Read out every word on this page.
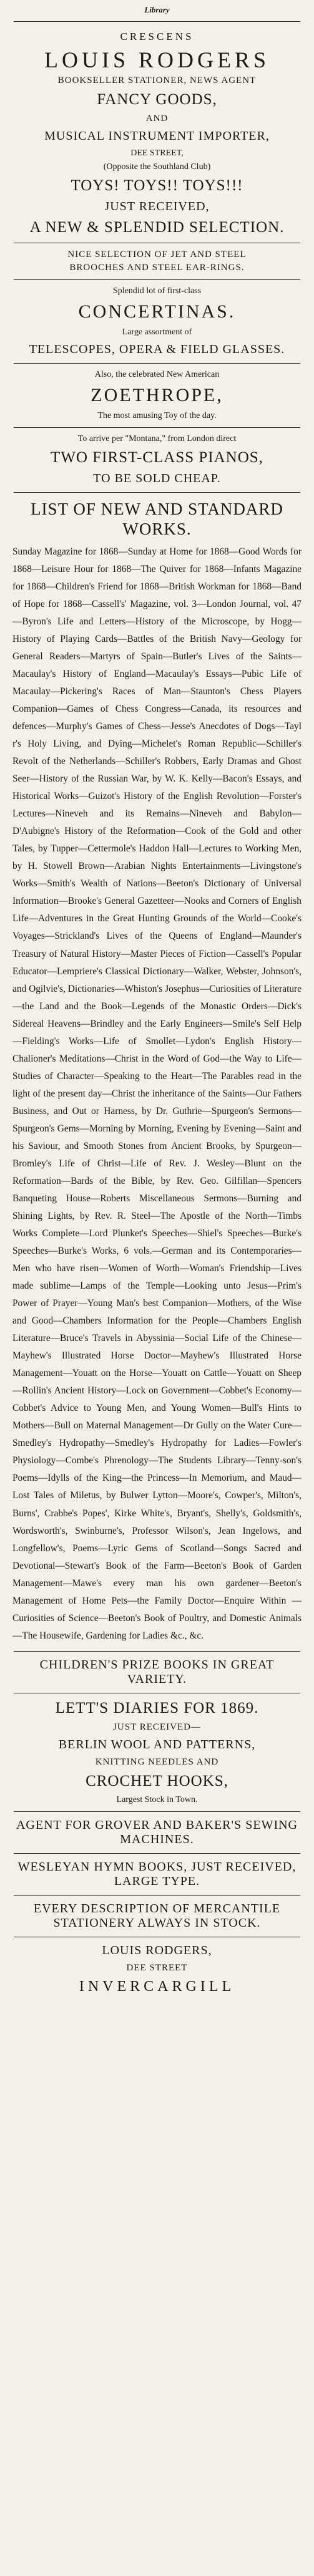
Library
CRESCENS
LOUIS RODGERS
BOOKSELLER STATIONER, NEWS AGENT
FANCY GOODS,
AND
MUSICAL INSTRUMENT IMPORTER,
DEE STREET,
(Opposite the Southland Club)
TOYS! TOYS!! TOYS!!!
JUST RECEIVED,
A NEW & SPLENDID SELECTION.
NICE SELECTION OF JET AND STEEL
BROOCHES AND STEEL EAR-RINGS.
Splendid lot of first-class
CONCERTINAS.
Large assortment of
TELESCOPES, OPERA & FIELD GLASSES.
Also, the celebrated New American
ZOETHROPE,
The most amusing Toy of the day.
To arrive per "Montana," from London direct
TWO FIRST-CLASS PIANOS,
TO BE SOLD CHEAP.
LIST OF NEW AND STANDARD WORKS.

Sunday Magazine for 1868—Sunday at Home for 1868—Good Words for 1868—Leisure Hour for 1868—The Quiver for 1868—Infants Magazine for 1868—Children's Friend for 1868—British Workman for 1868—Band of Hope for 1868—Cassell's' Magazine, vol. 3—London Journal, vol. 47—Byron's Life and Letters—History of the Microscope, by Hogg—History of Playing Cards—Battles of the British Navy—Geology for General Readers—Martyrs of Spain—Butler's Lives of the Saints—Macaulay's History of England—Macaulay's Essays—Pubic Life of Macaulay—Pickering's Races of Man—Staunton's Chess Players Companion—Games of Chess Congress—Canada, its resources and defences—Murphy's Games of Chess—Jesse's Anecdotes of Dogs—Tayl r's Holy Living, and Dying—Michelet's Roman Republic—Schiller's Revolt of the Netherlands—Schiller's Robbers, Early Dramas and Ghost Seer—History of the Russian War, by W. K. Kelly—Bacon's Essays, and Historical Works—Guizot's History of the English Revolution—Forster's Lectures—Nineveh and its Remains—Nineveh and Babylon—D'Aubigne's History of the Reformation—Cook of the Gold and other Tales, by Tupper—Cettermole's Haddon Hall—Lectures to Working Men, by H. Stowell Brown—Arabian Nights Entertainments—Livingstone's Works—Smith's Wealth of Nations—Beeton's Dictionary of Universal Information—Brooke's General Gazetteer—Nooks and Corners of English Life—Adventures in the Great Hunting Grounds of the World—Cooke's Voyages—Strickland's Lives of the Queens of England—Maunder's Treasury of Natural History—Master Pieces of Fiction—Cassell's Popular Educator—Lempriere's Classical Dictionary—Walker, Webster, Johnson's, and Ogilvie's, Dictionaries—Whiston's Josephus—Curiosities of Literature—the Land and the Book—Legends of the Monastic Orders—Dick's Sidereal Heavens—Brindley and the Early Engineers—Smile's Self Help—Fielding's Works—Life of Smollet—Lydon's English History—Chalioner's Meditations—Christ in the Word of God—the Way to Life—Studies of Character—Speaking to the Heart—The Parables read in the light of the present day—Christ the inheritance of the Saints—Our Fathers Business, and Out or Harness, by Dr. Guthrie—Spurgeon's Sermons—Spurgeon's Gems—Morning by Morning, Evening by Evening—Saint and his Saviour, and Smooth Stones from Ancient Brooks, by Spurgeon—Bromley's Life of Christ—Life of Rev. J. Wesley—Blunt on the Reformation—Bards of the Bible, by Rev. Geo. Gilfillan—Spencers Banqueting House—Roberts Miscellaneous Sermons—Burning and Shining Lights, by Rev. R. Steel—The Apostle of the North—Timbs Works Complete—Lord Plunket's Speeches—Shiel's Speeches—Burke's Speeches—Burke's Works, 6 vols.—German and its Contemporaries—Men who have risen—Women of Worth—Woman's Friendship—Lives made sublime—Lamps of the Temple—Looking unto Jesus—Prim's Power of Prayer—Young Man's best Companion—Mothers, of the Wise and Good—Chambers Information for the People—Chambers English Literature—Bruce's Travels in Abyssinia—Social Life of the Chinese—Mayhew's Illustrated Horse Doctor—Mayhew's Illustrated Horse Management—Youatt on the Horse—Youatt on Cattle—Youatt on Sheep—Rollin's Ancient History—Lock on Government—Cobbet's Economy—Cobbet's Advice to Young Men, and Young Women—Bull's Hints to Mothers—Bull on Maternal Management—Dr Gully on the Water Cure—Smedley's Hydropathy—Smedley's Hydropathy for Ladies—Fowler's Physiology—Combe's Phrenology—The Students Library—Tenny-son's Poems—Idylls of the King—the Princess—In Memorium, and Maud—Lost Tales of Miletus, by Bulwer Lytton—Moore's, Cowper's, Milton's, Burns', Crabbe's Popes', Kirke White's, Bryant's, Shelly's, Goldsmith's, Wordsworth's, Swinburne's, Professor Wilson's, Jean Ingelows, and Longfellow's, Poems—Lyric Gems of Scotland—Songs Sacred and Devotional—Stewart's Book of the Farm—Beeton's Book of Garden Management—Mawe's every man his own gardener—Beeton's Management of Home Pets—the Family Doctor—Enquire Within — Curiosities of Science—Beeton's Book of Poultry, and Domestic Animals—The Housewife, Gardening for Ladies &c., &c.

CHILDREN'S PRIZE BOOKS IN GREAT VARIETY.
LETT'S DIARIES FOR 1869.
JUST RECEIVED—
BERLIN WOOL AND PATTERNS,
KNITTING NEEDLES AND
CROCHET HOOKS,
Largest Stock in Town.
AGENT FOR GROVER AND BAKER'S SEWING MACHINES.
WESLEYAN HYMN BOOKS, JUST RECEIVED, LARGE TYPE.
EVERY DESCRIPTION OF MERCANTILE STATIONERY ALWAYS IN STOCK.
LOUIS RODGERS,
DEE STREET
INVERCARGILL
